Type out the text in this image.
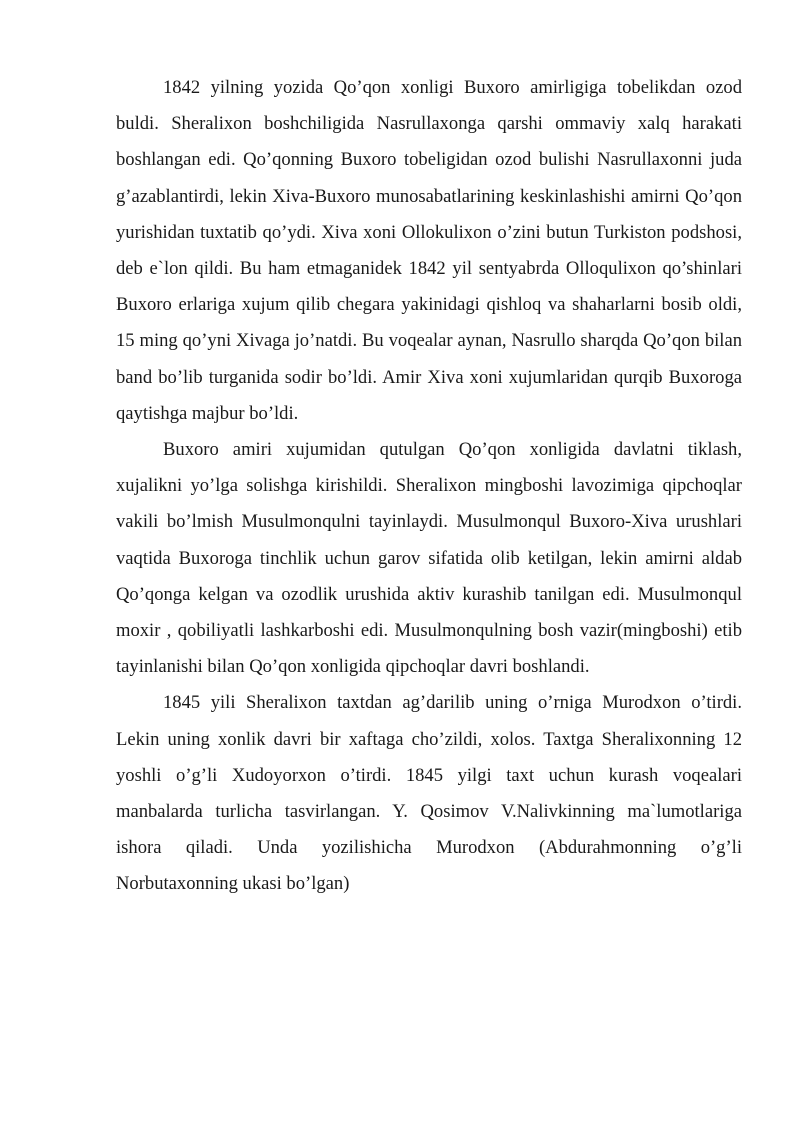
1842 yilning yozida Qo’qon xonligi Buxoro amirligiga tobelikdan ozod buldi. Sheralixon boshchiligida Nasrullaxonga qarshi ommaviy xalq harakati boshlangan edi. Qo’qonning Buxoro tobeligidan ozod bulishi Nasrullaxonni juda g’azablantirdi, lekin Xiva-Buxoro munosabatlarining keskinlashishi amirni Qo’qon yurishidan tuxtatib qo’ydi. Xiva xoni Ollokulixon o’zini butun Turkiston podshosi, deb e`lon qildi. Bu ham etmaganidek 1842 yil sentyabrda Olloqulixon qo’shinlari Buxoro erlariga xujum qilib chegara yakinidagi qishloq va shaharlarni bosib oldi, 15 ming qo’yni Xivaga jo’natdi. Bu voqealar aynan, Nasrullo sharqda Qo’qon bilan band bo’lib turganida sodir bo’ldi. Amir Xiva xoni xujumlaridan qurqib Buxoroga qaytishga majbur bo’ldi.

Buxoro amiri xujumidan qutulgan Qo’qon xonligida davlatni tiklash, xujalikni yo’lga solishga kirishildi. Sheralixon mingboshi lavozimiga qipchoqlar vakili bo’lmish Musulmonqulni tayinlaydi. Musulmonqul Buxoro-Xiva urushlari vaqtida Buxoroga tinchlik uchun garov sifatida olib ketilgan, lekin amirni aldab Qo’qonga kelgan va ozodlik urushida aktiv kurashib tanilgan edi. Musulmonqul moxir , qobiliyatli lashkarboshi edi. Musulmonqulning bosh vazir(mingboshi) etib tayinlanishi bilan Qo’qon xonligida qipchoqlar davri boshlandi.

1845 yili Sheralixon taxtdan ag’darilib uning o’rniga Murodxon o’tirdi. Lekin uning xonlik davri bir xaftaga cho’zildi, xolos. Taxtga Sheralixonning 12 yoshli o’g’li Xudoyorxon o’tirdi. 1845 yilgi taxt uchun kurash voqealari manbalarda turlicha tasvirlangan. Y. Qosimov V.Nalivkinning ma`lumotlariga ishora qiladi. Unda yozilishicha Murodxon (Abdurahmonning o’g’li Norbutaxonning ukasi bo’lgan)
